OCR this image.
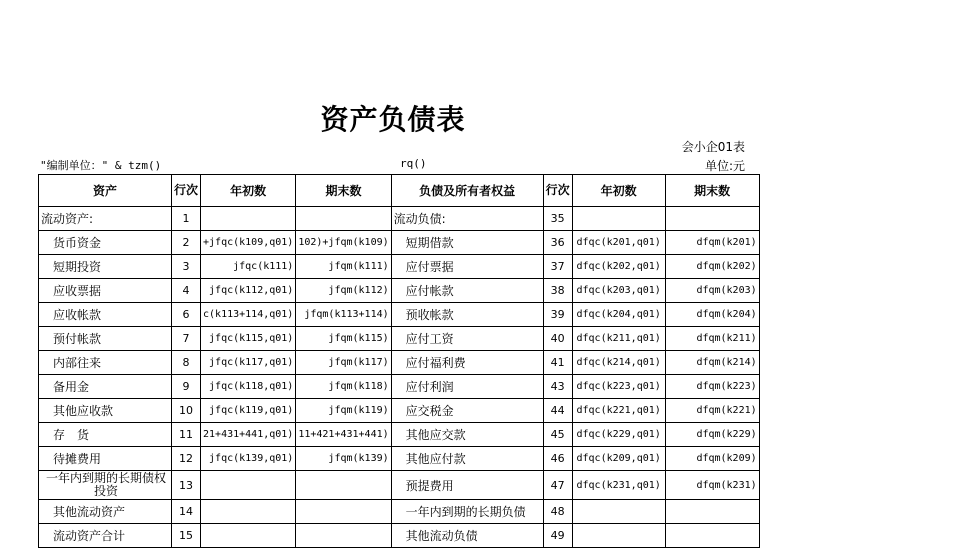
资产负债表
会小企01表
"编制单位：" & tzm()	rq()	单位:元
资产	行次	年初数	期末数	负债及所有者权益	行次	年初数	期末数
流动资产:	1			流动负债:	35		
货币资金	2	+jfqc(k109,q01)	102)+jfqm(k109)	短期借款	36	dfqc(k201,q01)	dfqm(k201)
短期投资	3	jfqc(k111)	jfqm(k111)	应付票据	37	dfqc(k202,q01)	dfqm(k202)
应收票据	4	jfqc(k112,q01)	jfqm(k112)	应付帐款	38	dfqc(k203,q01)	dfqm(k203)
应收帐款	6	c(k113+114,q01)	jfqm(k113+114)	预收帐款	39	dfqc(k204,q01)	dfqm(k204)
预付帐款	7	jfqc(k115,q01)	jfqm(k115)	应付工资	40	dfqc(k211,q01)	dfqm(k211)
内部往来	8	jfqc(k117,q01)	jfqm(k117)	应付福利费	41	dfqc(k214,q01)	dfqm(k214)
备用金	9	jfqc(k118,q01)	jfqm(k118)	应付利润	43	dfqc(k223,q01)	dfqm(k223)
其他应收款	10	jfqc(k119,q01)	jfqm(k119)	应交税金	44	dfqc(k221,q01)	dfqm(k221)
存　货	11	21+431+441,q01)	11+421+431+441)	其他应交款	45	dfqc(k229,q01)	dfqm(k229)
待摊费用	12	jfqc(k139,q01)	jfqm(k139)	其他应付款	46	dfqc(k209,q01)	dfqm(k209)
一年内到期的长期债权投资	13			预提费用	47	dfqc(k231,q01)	dfqm(k231)
其他流动资产	14			一年内到期的长期负债	48		
流动资产合计	15			其他流动负债	49		
